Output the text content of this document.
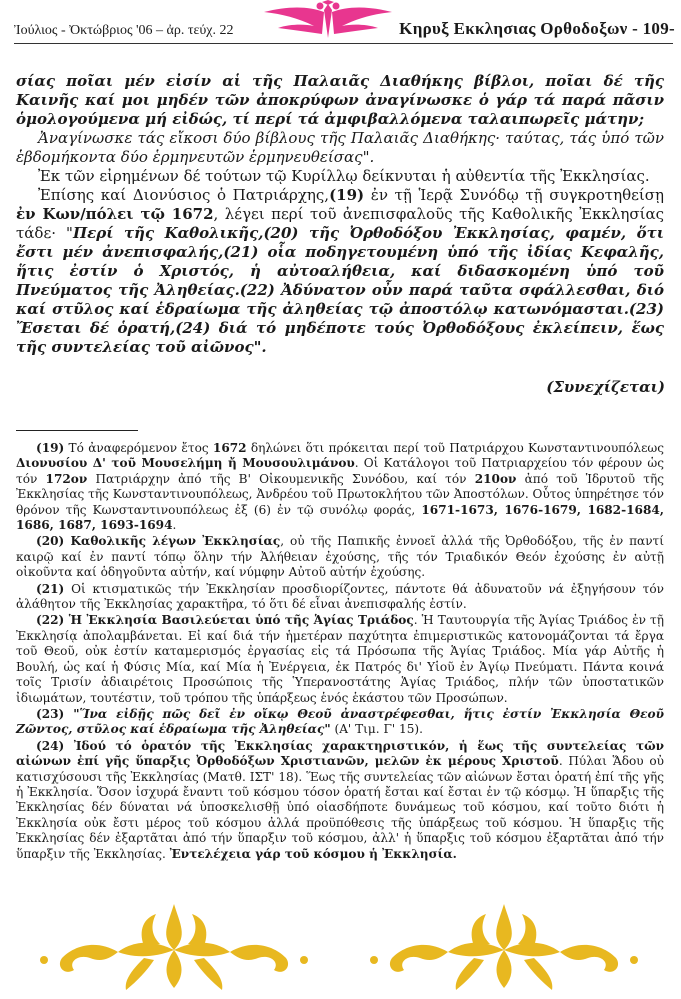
Ἰούλιος - Ὀκτώβριος '06 – ἀρ. τεύχ. 22	Κηρυξ Εκκλησιας Ορθοδοξων - 109-

σίας ποῖαι μέν εἰσίν αἱ τῆς Παλαιᾶς Διαθήκης βίβλοι, ποῖαι δέ τῆς Καινῆς καί μοι μηδέν τῶν ἀποκρύφων ἀναγίνωσκε ὁ γάρ τά παρά πᾶσιν ὁμολογούμενα μή εἰδώς, τί περί τά ἀμφιβαλλόμενα ταλαιπωρεῖς μάτην;

Ἀναγίνωσκε τάς εἴκοσι δύο βίβλους τῆς Παλαιᾶς Διαθήκης· ταύτας, τάς ὑπό τῶν ἑβδομήκοντα δύο ἑρμηνευτῶν ἑρμηνευθείσας".

Ἐκ τῶν εἰρημένων δέ τούτων τῷ Κυρίλλῳ δείκνυται ἡ αὐθεντία τῆς Ἐκκλησίας.

Ἐπίσης καί Διονύσιος ὁ Πατριάρχης,(19) ἐν τῇ Ἱερᾷ Συνόδῳ τῇ συγκροτηθείσῃ ἐν Κων/πόλει τῷ 1672, λέγει περί τοῦ ἀνεπισφαλοῦς τῆς Καθολικῆς Ἐκκλησίας τάδε· "Περί τῆς Καθολικῆς,(20) τῆς Ὀρθοδόξου Ἐκκλησίας, φαμέν, ὅτι ἔστι μέν ἀνεπισφαλής,(21) οἷα ποδηγετουμένη ὑπό τῆς ἰδίας Κεφαλῆς, ἥτις ἐστίν ὁ Χριστός, ἡ αὐτοαλήθεια, καί διδασκομένη ὑπό τοῦ Πνεύματος τῆς Ἀληθείας.(22) Ἀδύνατον οὖν παρά ταῦτα σφάλλεσθαι, διό καί στῦλος καί ἑδραίωμα τῆς ἀληθείας τῷ ἀποστόλῳ κατωνόμασται.(23) Ἔσεται δέ ὁρατή,(24) διά τό μηδέποτε τούς Ὀρθοδόξους ἐκλείπειν, ἕως τῆς συντελείας τοῦ αἰῶνος".

(Συνεχίζεται)

(19) Τό ἀναφερόμενον ἔτος 1672 δηλώνει ὅτι πρόκειται περί τοῦ Πατριάρχου Κωνσταντινουπόλεως Διονυσίου Δ' τοῦ Μουσελήμη ἤ Μουσουλιμάνου. Οἱ Κατάλογοι τοῦ Πατριαρχείου τόν φέρουν ὡς τόν 172ον Πατριάρχην ἀπό τῆς Β' Οἰκουμενικῆς Συνόδου, καί τόν 210ον ἀπό τοῦ Ἱδρυτοῦ τῆς Ἐκκλησίας τῆς Κωνσταντινουπόλεως, Ἀνδρέου τοῦ Πρωτοκλήτου τῶν Ἀποστόλων. Οὗτος ὑπηρέτησε τόν θρόνον τῆς Κωνσταντινουπόλεως ἐξ (6) ἐν τῷ συνόλῳ φοράς, 1671-1673, 1676-1679, 1682-1684, 1686, 1687, 1693-1694.

(20) Καθολικῆς λέγων Ἐκκλησίας, οὐ τῆς Παπικῆς ἐννοεῖ ἀλλά τῆς Ὀρθοδόξου, τῆς ἐν παντί καιρῷ καί ἐν παντί τόπῳ ὅλην τήν Ἀλήθειαν ἐχούσης, τῆς τόν Τριαδικόν Θεόν ἐχούσης ἐν αὐτῇ οἰκοῦντα καί ὁδηγοῦντα αὐτήν, καί νύμφην Αὐτοῦ αὐτήν ἐχούσης.

(21) Οἱ κτισματικῶς τήν Ἐκκλησίαν προσδιορίζοντες, πάντοτε θά ἀδυνατοῦν νά ἐξηγήσουν τόν ἀλάθητον τῆς Ἐκκλησίας χαρακτῆρα, τό ὅτι δέ εἶναι ἀνεπισφαλής ἐστίν.

(22) Ἡ Ἐκκλησία Βασιλεύεται ὑπό τῆς Ἁγίας Τριάδος. Ἡ Ταυτουργία τῆς Ἁγίας Τριάδος ἐν τῇ Ἐκκλησίᾳ ἀπολαμβάνεται. Εἰ καί διά τήν ἡμετέραν παχύτητα ἐπιμεριστικῶς κατονομάζονται τά ἔργα τοῦ Θεοῦ, οὐκ ἐστίν καταμερισμός ἐργασίας εἰς τά Πρόσωπα τῆς Ἁγίας Τριάδος. Μία γάρ Αὐτῆς ἡ Βουλή, ὡς καί ἡ Φύσις Μία, καί Μία ἡ Ἐνέργεια, ἐκ Πατρός δι' Υἱοῦ ἐν Ἁγίῳ Πνεύματι. Πάντα κοινά τοῖς Τρισίν ἀδιαιρέτοις Προσώποις τῆς Ὑπερανοστάτης Ἁγίας Τριάδος, πλήν τῶν ὑποστατικῶν ἰδιωμάτων, τουτέστιν, τοῦ τρόπου τῆς ὑπάρξεως ἑνός ἑκάστου τῶν Προσώπων.

(23) "Ἵνα εἰδῇς πῶς δεῖ ἐν οἴκῳ Θεοῦ ἀναστρέφεσθαι, ἥτις ἐστίν Ἐκκλησία Θεοῦ Ζῶντος, στῦλος καί ἑδραίωμα τῆς Ἀληθείας" (Α' Τιμ. Γ' 15).

(24) Ἰδού τό ὁρατόν τῆς Ἐκκλησίας χαρακτηριστικόν, ἡ ἕως τῆς συντελείας τῶν αἰώνων ἐπί γῆς ὕπαρξις Ὀρθοδόξων Χριστιανῶν, μελῶν ἐκ μέρους Χριστοῦ. Πύλαι Ἅδου οὐ κατισχύσουσι τῆς Ἐκκλησίας (Ματθ. ΙΣΤ' 18). Ἕως τῆς συντελείας τῶν αἰώνων ἔσται ὁρατή ἐπί τῆς γῆς ἡ Ἐκκλησία. Ὅσον ἰσχυρά ἔναντι τοῦ κόσμου τόσον ὁρατή ἔσται καί ἔσται ἐν τῷ κόσμῳ. Ἡ ὕπαρξις τῆς Ἐκκλησίας δέν δύναται νά ὑποσκελισθῇ ὑπό οἱασδήποτε δυνάμεως τοῦ κόσμου, καί τοῦτο διότι ἡ Ἐκκλησία οὐκ ἔστι μέρος τοῦ κόσμου ἀλλά προϋπόθεσις τῆς ὑπάρξεως τοῦ κόσμου. Ἡ ὕπαρξις τῆς Ἐκκλησίας δέν ἐξαρτᾶται ἀπό τήν ὕπαρξιν τοῦ κόσμου, ἀλλ' ἡ ὕπαρξις τοῦ κόσμου ἐξαρτᾶται ἀπό τήν ὕπαρξιν τῆς Ἐκκλησίας. Ἐντελέχεια γάρ τοῦ κόσμου ἡ Ἐκκλησία.
